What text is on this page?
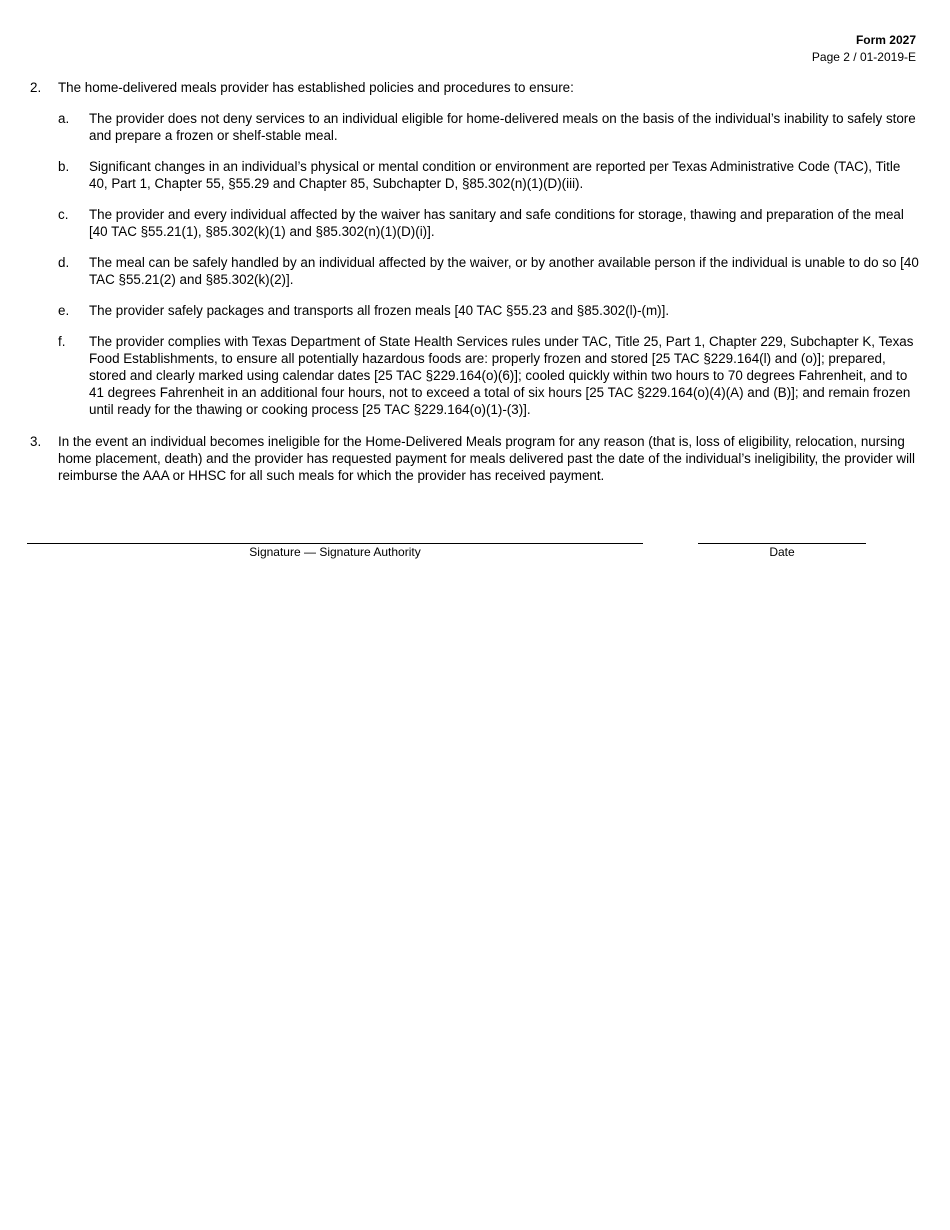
Form 2027
Page 2 / 01-2019-E
2. The home-delivered meals provider has established policies and procedures to ensure:
a. The provider does not deny services to an individual eligible for home-delivered meals on the basis of the individual’s inability to safely store and prepare a frozen or shelf-stable meal.
b. Significant changes in an individual’s physical or mental condition or environment are reported per Texas Administrative Code (TAC), Title 40, Part 1, Chapter 55, §55.29 and Chapter 85, Subchapter D, §85.302(n)(1)(D)(iii).
c. The provider and every individual affected by the waiver has sanitary and safe conditions for storage, thawing and preparation of the meal [40 TAC §55.21(1), §85.302(k)(1) and §85.302(n)(1)(D)(i)].
d. The meal can be safely handled by an individual affected by the waiver, or by another available person if the individual is unable to do so [40 TAC §55.21(2) and §85.302(k)(2)].
e. The provider safely packages and transports all frozen meals [40 TAC §55.23 and §85.302(l)-(m)].
f. The provider complies with Texas Department of State Health Services rules under TAC, Title 25, Part 1, Chapter 229, Subchapter K, Texas Food Establishments, to ensure all potentially hazardous foods are: properly frozen and stored [25 TAC §229.164(l) and (o)]; prepared, stored and clearly marked using calendar dates [25 TAC §229.164(o)(6)]; cooled quickly within two hours to 70 degrees Fahrenheit, and to 41 degrees Fahrenheit in an additional four hours, not to exceed a total of six hours [25 TAC §229.164(o)(4)(A) and (B)]; and remain frozen until ready for the thawing or cooking process [25 TAC §229.164(o)(1)-(3)].
3. In the event an individual becomes ineligible for the Home-Delivered Meals program for any reason (that is, loss of eligibility, relocation, nursing home placement, death) and the provider has requested payment for meals delivered past the date of the individual’s ineligibility, the provider will reimburse the AAA or HHSC for all such meals for which the provider has received payment.
Signature — Signature Authority	Date
